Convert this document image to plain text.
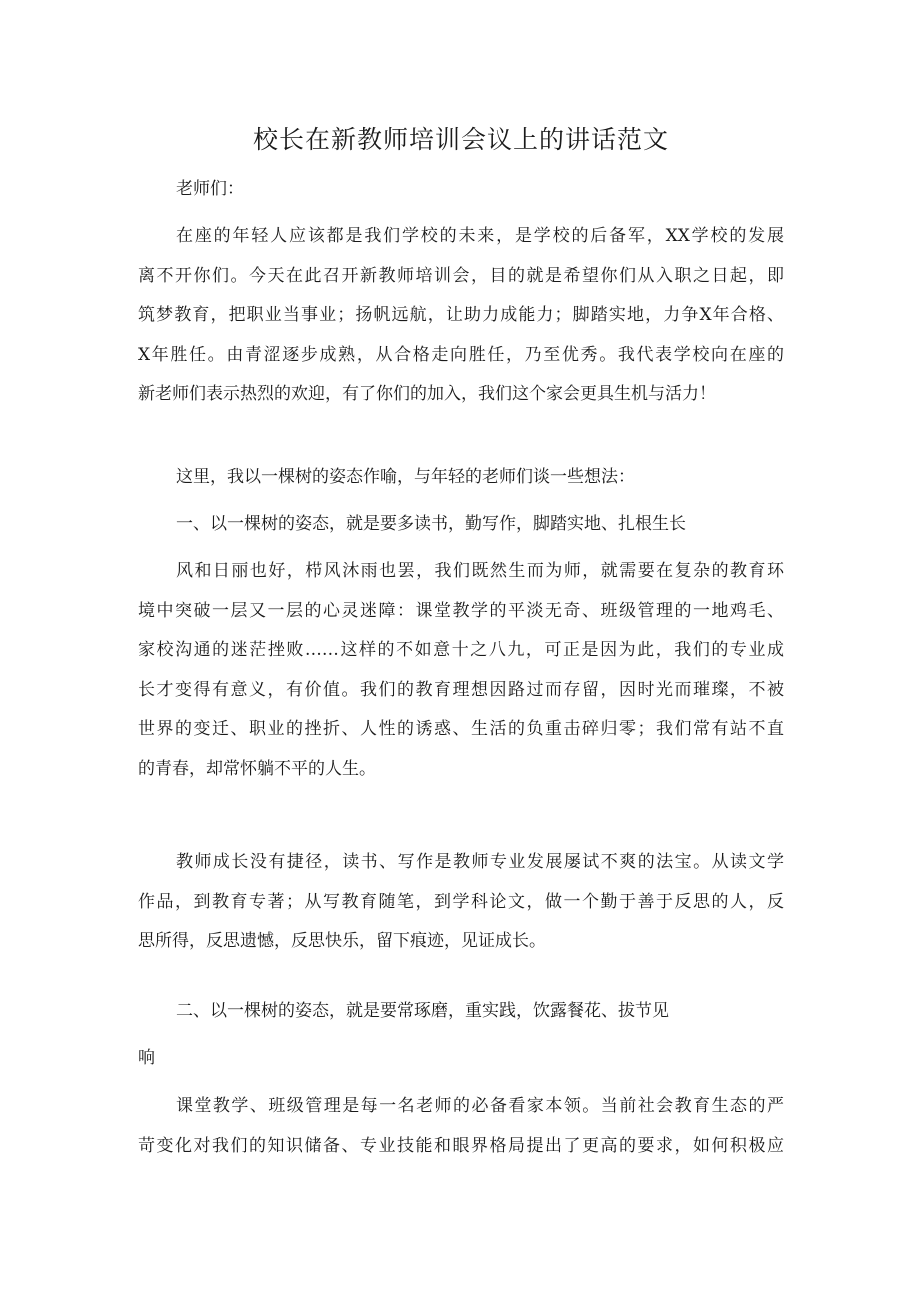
校长在新教师培训会议上的讲话范文

老师们：

在座的年轻人应该都是我们学校的未来，是学校的后备军，XX学校的发展
离不开你们。今天在此召开新教师培训会，目的就是希望你们从入职之日起，即
筑梦教育，把职业当事业；扬帆远航，让助力成能力；脚踏实地，力争X年合格、
X年胜任。由青涩逐步成熟，从合格走向胜任，乃至优秀。我代表学校向在座的
新老师们表示热烈的欢迎，有了你们的加入，我们这个家会更具生机与活力！

这里，我以一棵树的姿态作喻，与年轻的老师们谈一些想法：

一、以一棵树的姿态，就是要多读书，勤写作，脚踏实地、扎根生长

风和日丽也好，栉风沐雨也罢，我们既然生而为师，就需要在复杂的教育环
境中突破一层又一层的心灵迷障：课堂教学的平淡无奇、班级管理的一地鸡毛、
家校沟通的迷茫挫败……这样的不如意十之八九，可正是因为此，我们的专业成
长才变得有意义，有价值。我们的教育理想因路过而存留，因时光而璀璨，不被
世界的变迁、职业的挫折、人性的诱惑、生活的负重击碎归零；我们常有站不直
的青春，却常怀躺不平的人生。
教师成长没有捷径，读书、写作是教师专业发展屡试不爽的法宝。从读文学
作品，到教育专著；从写教育随笔，到学科论文，做一个勤于善于反思的人，反
思所得，反思遗憾，反思快乐，留下痕迹，见证成长。
二、以一棵树的姿态，就是要常琢磨，重实践，饮露餐花、拔节见
响
课堂教学、班级管理是每一名老师的必备看家本领。当前社会教育生态的严
苛变化对我们的知识储备、专业技能和眼界格局提出了更高的要求，如何积极应
